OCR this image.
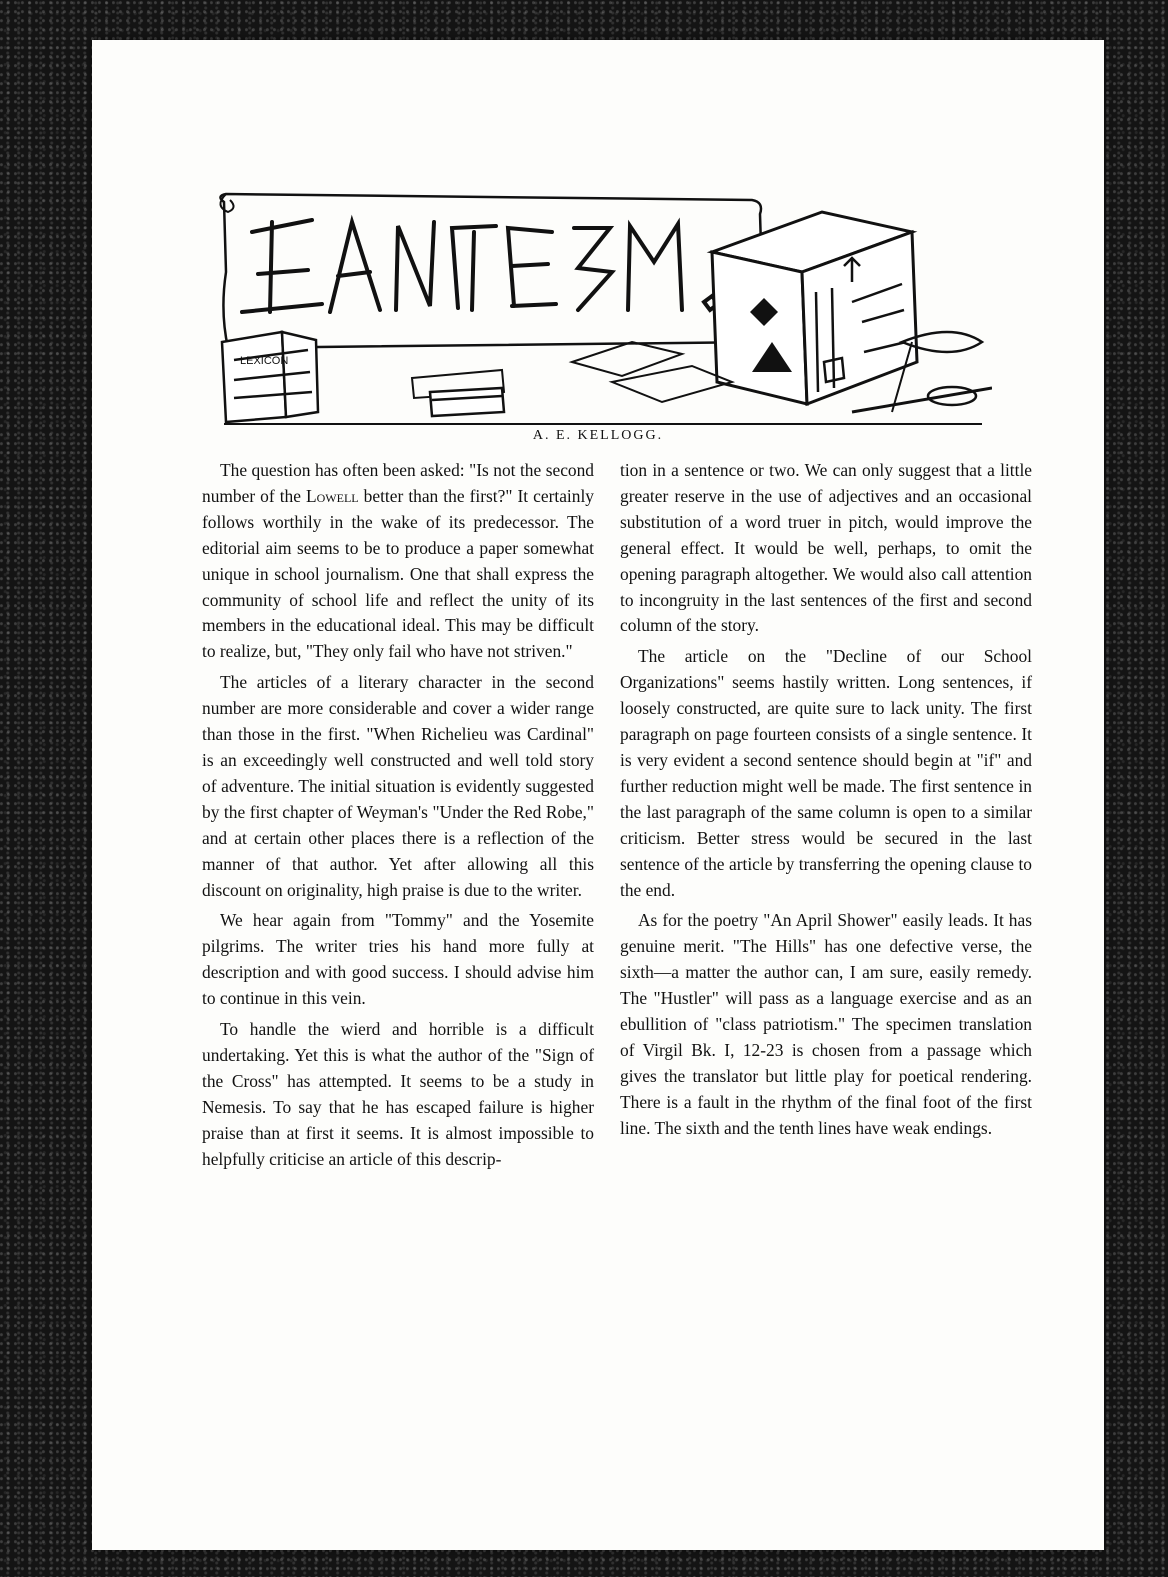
CRITICISM.
LEXICON
A. E. KELLOGG.

The question has often been asked: "Is not the second number of the Lowell better than the first?" It certainly follows worthily in the wake of its predecessor. The editorial aim seems to be to produce a paper somewhat unique in school journalism. One that shall express the community of school life and reflect the unity of its members in the educational ideal. This may be difficult to realize, but, "They only fail who have not striven."

The articles of a literary character in the second number are more considerable and cover a wider range than those in the first. "When Richelieu was Cardinal" is an exceedingly well constructed and well told story of adventure. The initial situation is evidently suggested by the first chapter of Weyman's "Under the Red Robe," and at certain other places there is a reflection of the manner of that author. Yet after allowing all this discount on originality, high praise is due to the writer.

We hear again from "Tommy" and the Yosemite pilgrims. The writer tries his hand more fully at description and with good success. I should advise him to continue in this vein.

To handle the wierd and horrible is a difficult undertaking. Yet this is what the author of the "Sign of the Cross" has attempted. It seems to be a study in Nemesis. To say that he has escaped failure is higher praise than at first it seems. It is almost impossible to helpfully criticise an article of this descrip-

tion in a sentence or two. We can only suggest that a little greater reserve in the use of adjectives and an occasional substitution of a word truer in pitch, would improve the general effect. It would be well, perhaps, to omit the opening paragraph altogether. We would also call attention to incongruity in the last sentences of the first and second column of the story.

The article on the "Decline of our School Organizations" seems hastily written. Long sentences, if loosely constructed, are quite sure to lack unity. The first paragraph on page fourteen consists of a single sentence. It is very evident a second sentence should begin at "if" and further reduction might well be made. The first sentence in the last paragraph of the same column is open to a similar criticism. Better stress would be secured in the last sentence of the article by transferring the opening clause to the end.

As for the poetry "An April Shower" easily leads. It has genuine merit. "The Hills" has one defective verse, the sixth—a matter the author can, I am sure, easily remedy. The "Hustler" will pass as a language exercise and as an ebullition of "class patriotism." The specimen translation of Virgil Bk. I, 12-23 is chosen from a passage which gives the translator but little play for poetical rendering. There is a fault in the rhythm of the final foot of the first line. The sixth and the tenth lines have weak endings.
